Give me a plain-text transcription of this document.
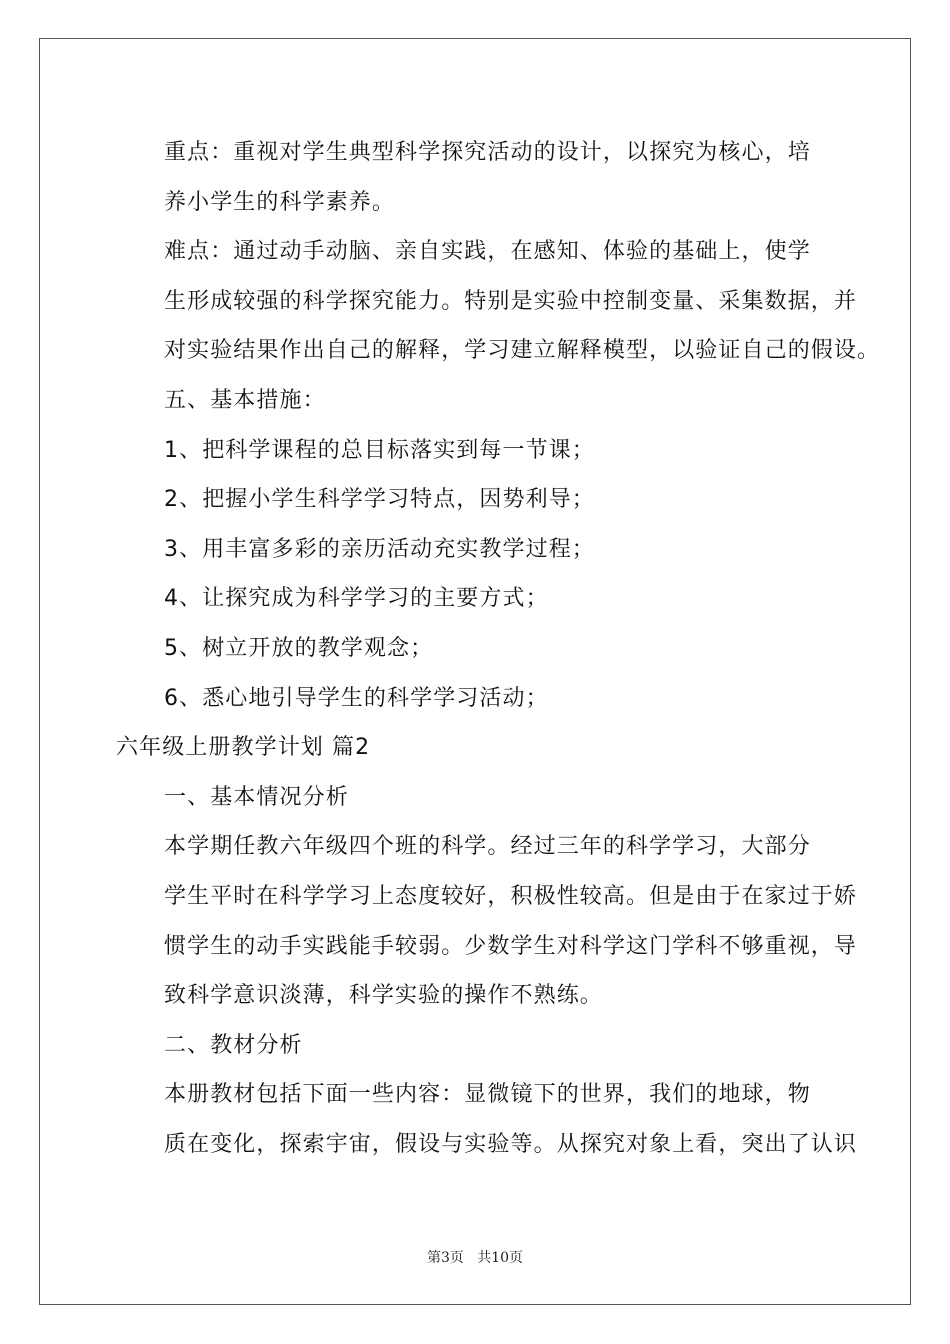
重点：重视对学生典型科学探究活动的设计，以探究为核心，培
养小学生的科学素养。

难点：通过动手动脑、亲自实践，在感知、体验的基础上，使学
生形成较强的科学探究能力。特别是实验中控制变量、采集数据，并
对实验结果作出自己的解释，学习建立解释模型，以验证自己的假设。

五、基本措施：

1、把科学课程的总目标落实到每一节课；

2、把握小学生科学学习特点，因势利导；

3、用丰富多彩的亲历活动充实教学过程；

4、让探究成为科学学习的主要方式；

5、树立开放的教学观念；

6、悉心地引导学生的科学学习活动；

六年级上册教学计划 篇2

一、基本情况分析

本学期任教六年级四个班的科学。经过三年的科学学习，大部分
学生平时在科学学习上态度较好，积极性较高。但是由于在家过于娇
惯学生的动手实践能手较弱。少数学生对科学这门学科不够重视，导
致科学意识淡薄，科学实验的操作不熟练。

二、教材分析

本册教材包括下面一些内容：显微镜下的世界，我们的地球，物
质在变化，探索宇宙，假设与实验等。从探究对象上看，突出了认识

第3页   共10页
